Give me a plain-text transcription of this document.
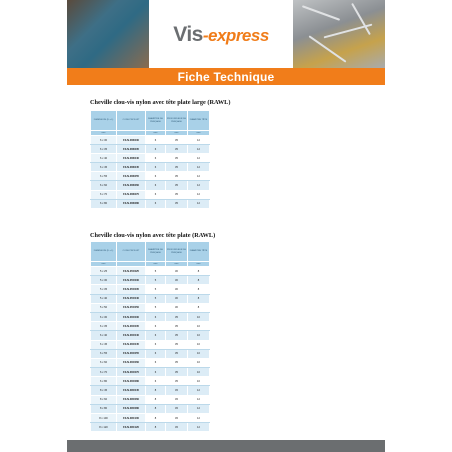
Vis-express
Fiche Technique
Cheville clou-vis nylon avec tête plate large (RAWL)
DIMENSION (D x L)	CODE PRODUIT	DIAMÈTRE DE PERÇAGE	PROFONDEUR DE PERÇAGE	DIAMÈTRE TÊTE
mm		mm	mm	mm
6 x 30	FX-N-06K030	6	35	12
6 x 35	FX-N-06K035	6	35	12
6 x 40	FX-N-06K040	6	35	12
6 x 45	FX-N-06K045	6	35	12
6 x 55	FX-N-06K055	6	35	12
6 x 60	FX-N-06K060	6	35	12
6 x 70	FX-N-06K070	6	35	12
6 x 80	FX-N-06K080	6	35	12
Cheville clou-vis nylon avec tête plate (RAWL)
DIMENSION (D x L)	CODE PRODUIT	DIAMÈTRE DE PERÇAGE	PROFONDEUR DE PERÇAGE	DIAMÈTRE TÊTE
mm		mm	mm	mm
5 x 25	FX-N-05C025	5	30	8
5 x 30	FX-N-05C030	5	30	8
5 x 35	FX-N-05C035	5	30	8
5 x 40	FX-N-05C040	5	30	8
5 x 50	FX-N-05C050	5	30	8
6 x 30	FX-N-06C030	6	35	10
6 x 35	FX-N-06C035	6	35	10
6 x 40	FX-N-06C040	6	35	10
6 x 45	FX-N-06C045	6	35	10
6 x 55	FX-N-06C055	6	35	10
6 x 60	FX-N-06C060	6	35	10
6 x 70	FX-N-06C070	6	35	10
6 x 80	FX-N-06C080	6	35	10
8 x 45	FX-N-08C045	8	45	12
8 x 60	FX-N-08C060	8	45	12
8 x 80	FX-N-08C080	8	45	12
8 x 100	FX-N-08C100	8	45	12
8 x 120	FX-N-08C120	8	45	12
